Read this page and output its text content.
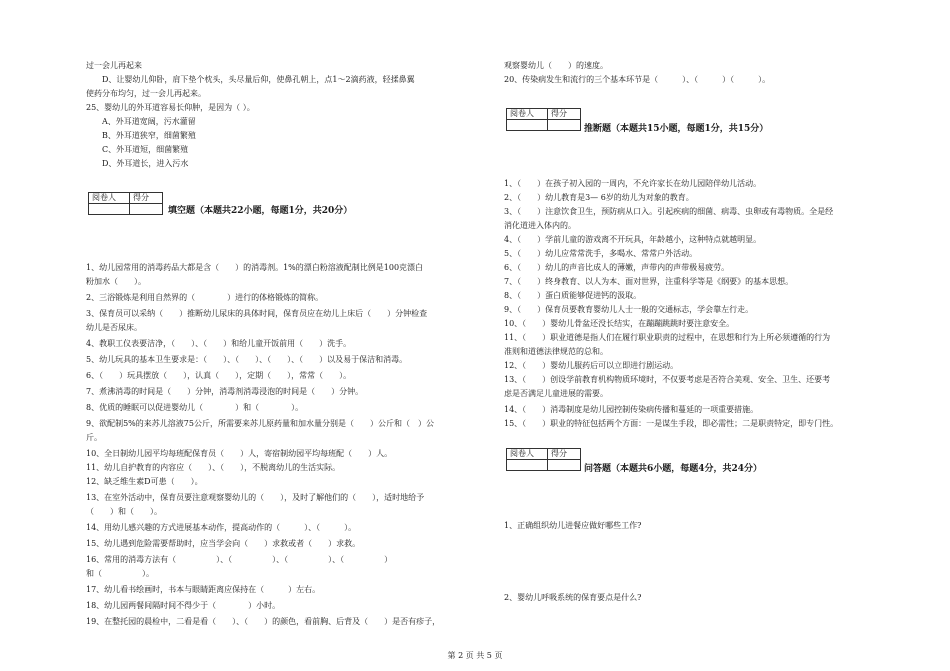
过一会儿再起来
　　D、让婴幼儿仰卧，肩下垫个枕头，头尽量后仰，使鼻孔朝上，点1～2滴药液，轻揉鼻翼
使药分布均匀，过一会儿再起来。
25、婴幼儿的外耳道容易长仰肿，是因为（ ）。
　　A、外耳道宽阔，污水灌留
　　B、外耳道狭窄，细菌繁殖
　　C、外耳道短，细菌繁殖
　　D、外耳道长，进入污水
阅卷人	得分

填空题（本题共22小题，每题1分，共20分）
1、幼儿园常用的消毒药品大都是含（　　）的消毒剂。1%的漂白粉溶液配制比例是100克漂白
粉加水（　　）。
2、三浴锻炼是利用自然界的（　　　　）进行的体格锻炼的简称。
3、保育员可以采纳（　　）推断幼儿尿床的具体时间，保育员应在幼儿上床后（　　）分钟检查
幼儿是否尿床。
4、教职工仪表要洁净，（　　）、（　　）和给儿童开饭前用（　　）洗手。
5、幼儿玩具的基本卫生要求是：（　　）、（　　）、（　　）、（　　）以及易于保洁和消毒。
6、（　　）玩具摆放（　　），认真（　　），定期（　　），常常（　　）。
7、煮沸消毒的时间是（　　）分钟，消毒剂消毒浸泡的时间是（　　）分钟。
8、优质的睡眠可以促进婴幼儿（　　　　）和（　　　　）。
9、欲配制5%的来苏儿溶液75公斤，所需要来苏儿原药量和加水量分别是（　　）公斤和（　）公
斤。
10、全日制幼儿园平均每班配保育员（　　）人，寄宿制幼园平均每班配（　　）人。
11、幼儿自护教育的内容应（　　）、（　　），不脱离幼儿的生活实际。
12、缺乏维生素D可患（　　）。
13、在室外活动中，保育员要注意观察婴幼儿的（　　），及时了解他们的（　　），适时地给予
（　　）和（　　）。
14、用幼儿感兴趣的方式进展基本动作，提高动作的（　　　）、（　　　）。
15、幼儿遇到危险需要帮助时，应当学会向（　　）求救或者（　　）求救。
16、常用的消毒方法有（　　　　　）、（　　　　　）、（　　　　　）、（　　　　　）
和（　　　　　）。
17、幼儿看书绘画时，书本与眼睛距离应保持在（　　　）左右。
18、幼儿园两餐间隔时间不得少于（　　　　）小时。
19、在整托园的晨检中，二看是看（　　）、（　　）的颜色，看前胸、后背及（　　）是否有疹子，
观察婴幼儿（　　）的速度。
20、传染病发生和流行的三个基本环节是（　　　）、（　　　）（　　　）。
阅卷人	得分

推断题（本题共15小题，每题1分，共15分）
1、（　　）在孩子初入园的一周内，不允许家长在幼儿园陪伴幼儿活动。
2、（　　）幼儿教育是3— 6岁的幼儿为对象的教育。
3、（　　）注意饮食卫生，预防病从口入。引起疾病的细菌、病毒、虫卵或有毒物质。全是经
消化道进入体内的。
4、（　　）学前儿童的游戏离不开玩具，年龄越小，这种特点就越明显。
5、（　　）幼儿应常常洗手，多喝水、常常户外活动。
6、（　　）幼儿的声音比成人的薄嫩，声带内的声带极易疲劳。
7、（　　）终身教育、以人为本、面对世界，注重科学等是《纲要》的基本思想。
8、（　　）蛋白质能够促进钙的汲取。
9、（　　）保育员要教育婴幼儿人士一般的交通标志，学会靠左行走。
10、（　　）婴幼儿骨盆还没长结实，在蹦蹦跳跳时要注意安全。
11、（　　）职业道德是指人们在履行职业职责的过程中，在思想和行为上所必须遵循的行为
准则和道德法律规范的总和。
12、（　　）婴幼儿服药后可以立即进行剧运动。
13、（　　）创设学前教育机构物质环境时，不仅要考虑是否符合美观、安全、卫生、还要考
虑是否满足儿童进展的需要。
14、（　　）消毒制度是幼儿园控制传染病传播和蔓延的一项重要措施。
15、（　　）职业的特征包括两个方面：一是谋生手段，即必需性；二是职责特定，即专门性。
阅卷人	得分

问答题（本题共6小题，每题4分，共24分）
1、正确组织幼儿进餐应做好哪些工作?
2、婴幼儿呼吸系统的保育要点是什么?
第 2 页 共 5 页
